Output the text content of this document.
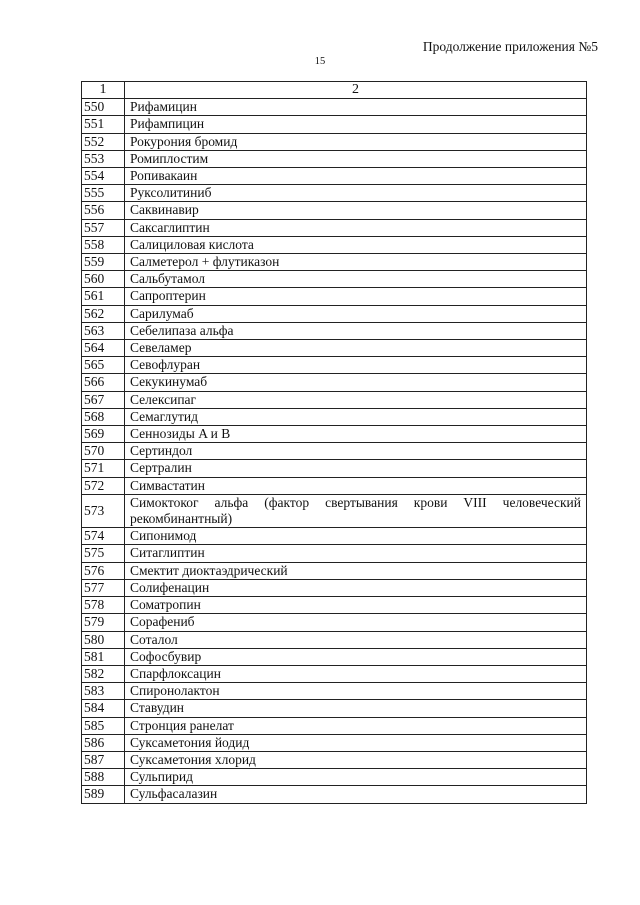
Продолжение приложения №5
15
1	2
550	Рифамицин
551	Рифампицин
552	Рокурония бромид
553	Ромиплостим
554	Ропивакаин
555	Руксолитиниб
556	Саквинавир
557	Саксаглиптин
558	Салициловая кислота
559	Салметерол + флутиказон
560	Сальбутамол
561	Сапроптерин
562	Сарилумаб
563	Себелипаза альфа
564	Севеламер
565	Севофлуран
566	Секукинумаб
567	Селексипаг
568	Семаглутид
569	Сеннозиды A и B
570	Сертиндол
571	Сертралин
572	Симвастатин
573	Симоктоког альфа (фактор свертывания крови VIII человеческий рекомбинантный)
574	Сипонимод
575	Ситаглиптин
576	Смектит диоктаэдрический
577	Солифенацин
578	Соматропин
579	Сорафениб
580	Соталол
581	Софосбувир
582	Спарфлоксацин
583	Спиронолактон
584	Ставудин
585	Стронция ранелат
586	Суксаметония йодид
587	Суксаметония хлорид
588	Сульпирид
589	Сульфасалазин
